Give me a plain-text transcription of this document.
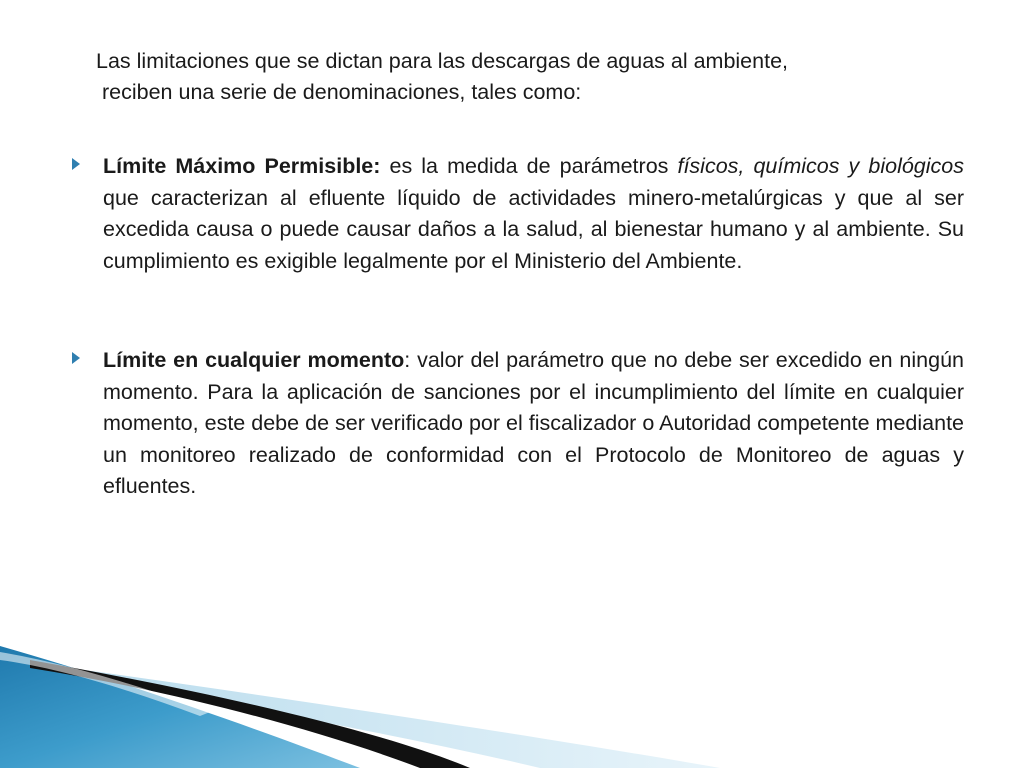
Las limitaciones que se dictan para las descargas de aguas al ambiente,
reciben una serie de denominaciones, tales como:
Límite Máximo Permisible: es la medida de parámetros físicos, químicos y biológicos que caracterizan al efluente líquido de actividades minero-metalúrgicas y que al ser excedida causa o puede causar daños a la salud, al bienestar humano y al ambiente. Su cumplimiento es exigible legalmente por el Ministerio del Ambiente.
Límite en cualquier momento: valor del parámetro que no debe ser excedido en ningún momento. Para la aplicación de sanciones por el incumplimiento del límite en cualquier momento, este debe de ser verificado por el fiscalizador o Autoridad competente mediante un monitoreo realizado de conformidad con el Protocolo de Monitoreo de aguas y efluentes.
